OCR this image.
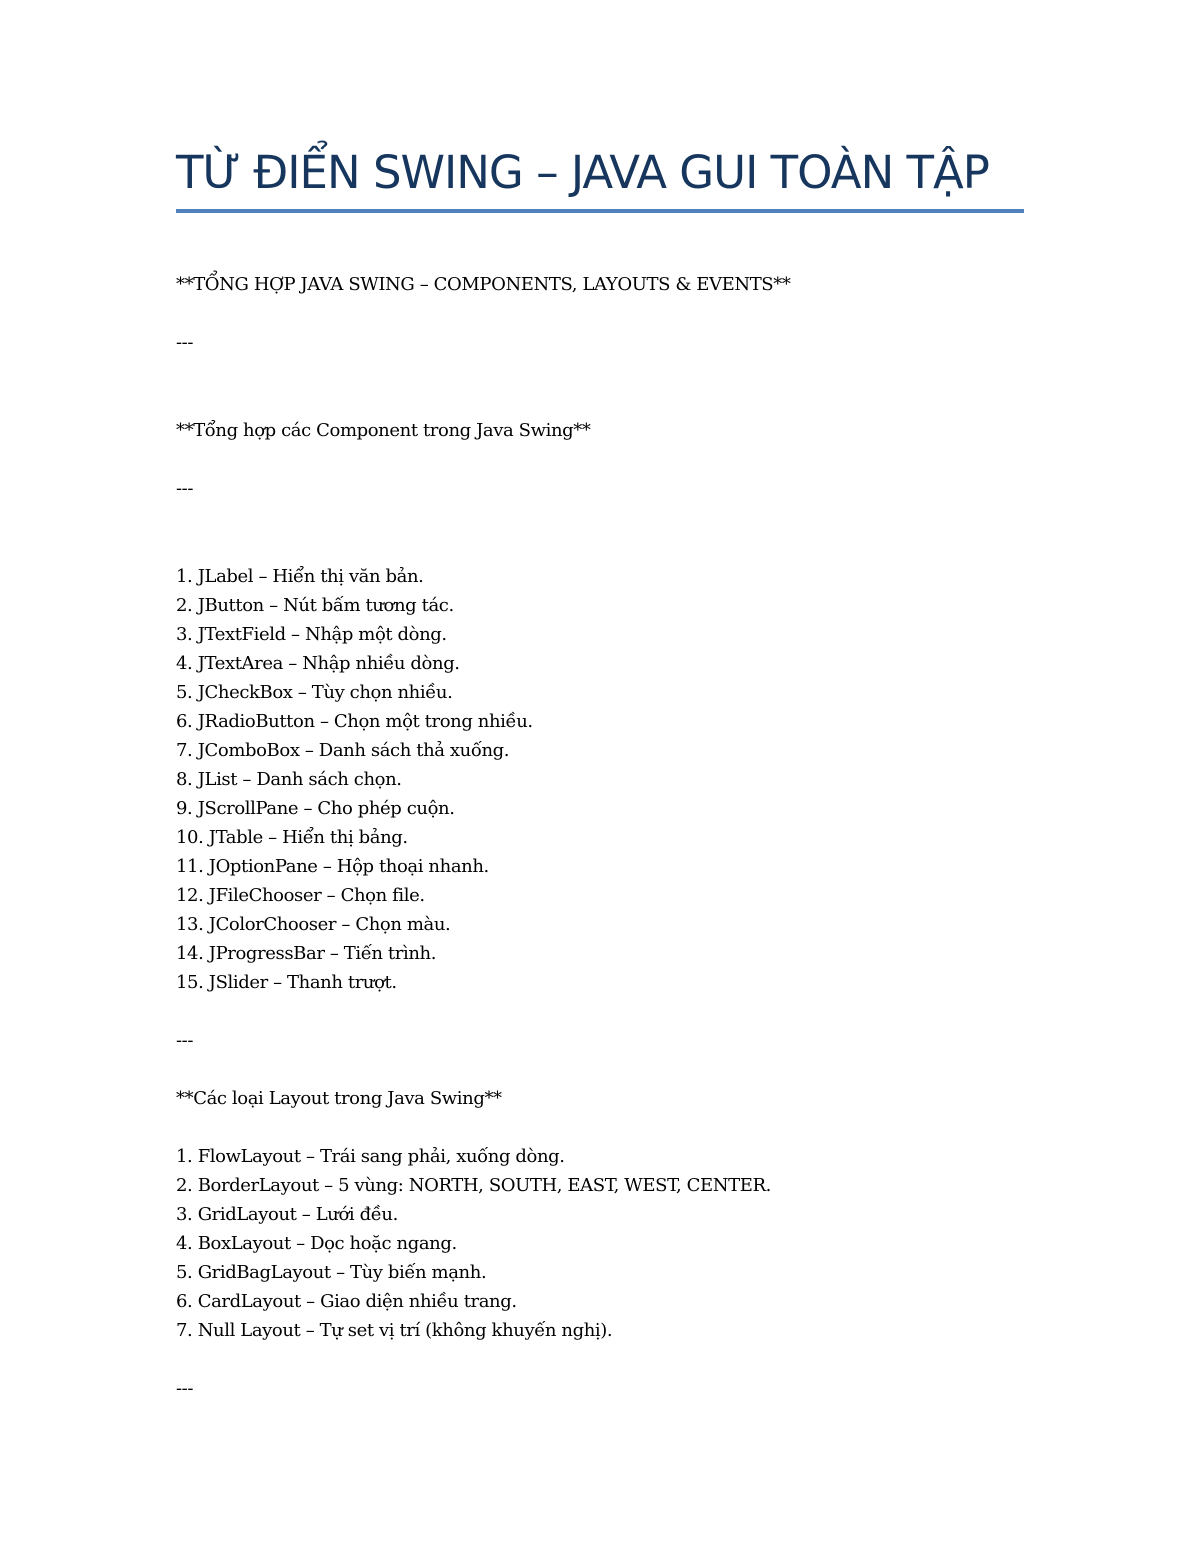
TỪ ĐIỂN SWING – JAVA GUI TOÀN TẬP
**TỔNG HỢP JAVA SWING – COMPONENTS, LAYOUTS & EVENTS**
---
**Tổng hợp các Component trong Java Swing**
---
1. JLabel – Hiển thị văn bản.
2. JButton – Nút bấm tương tác.
3. JTextField – Nhập một dòng.
4. JTextArea – Nhập nhiều dòng.
5. JCheckBox – Tùy chọn nhiều.
6. JRadioButton – Chọn một trong nhiều.
7. JComboBox – Danh sách thả xuống.
8. JList – Danh sách chọn.
9. JScrollPane – Cho phép cuộn.
10. JTable – Hiển thị bảng.
11. JOptionPane – Hộp thoại nhanh.
12. JFileChooser – Chọn file.
13. JColorChooser – Chọn màu.
14. JProgressBar – Tiến trình.
15. JSlider – Thanh trượt.
---
**Các loại Layout trong Java Swing**
1. FlowLayout – Trái sang phải, xuống dòng.
2. BorderLayout – 5 vùng: NORTH, SOUTH, EAST, WEST, CENTER.
3. GridLayout – Lưới đều.
4. BoxLayout – Dọc hoặc ngang.
5. GridBagLayout – Tùy biến mạnh.
6. CardLayout – Giao diện nhiều trang.
7. Null Layout – Tự set vị trí (không khuyến nghị).
---
